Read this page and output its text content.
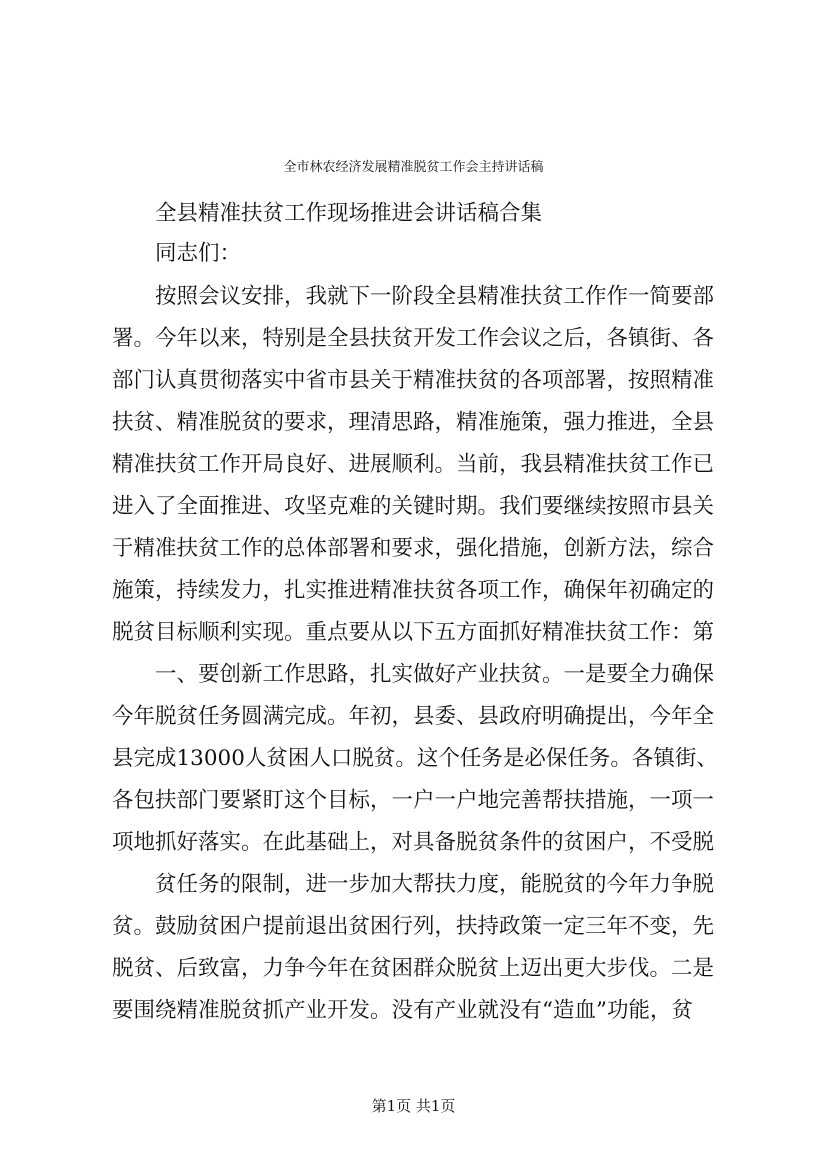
全市林农经济发展精准脱贫工作会主持讲话稿

全县精准扶贫工作现场推进会讲话稿合集

同志们：

按照会议安排，我就下一阶段全县精准扶贫工作作一简要部

署。今年以来，特别是全县扶贫开发工作会议之后，各镇街、各

部门认真贯彻落实中省市县关于精准扶贫的各项部署，按照精准

扶贫、精准脱贫的要求，理清思路，精准施策，强力推进，全县

精准扶贫工作开局良好、进展顺利。当前，我县精准扶贫工作已

进入了全面推进、攻坚克难的关键时期。我们要继续按照市县关

于精准扶贫工作的总体部署和要求，强化措施，创新方法，综合

施策，持续发力，扎实推进精准扶贫各项工作，确保年初确定的

脱贫目标顺利实现。重点要从以下五方面抓好精准扶贫工作：第

一、要创新工作思路，扎实做好产业扶贫。一是要全力确保

今年脱贫任务圆满完成。年初，县委、县政府明确提出，今年全

县完成13000人贫困人口脱贫。这个任务是必保任务。各镇街、

各包扶部门要紧盯这个目标，一户一户地完善帮扶措施，一项一

项地抓好落实。在此基础上，对具备脱贫条件的贫困户，不受脱

贫任务的限制，进一步加大帮扶力度，能脱贫的今年力争脱

贫。鼓励贫困户提前退出贫困行列，扶持政策一定三年不变，先

脱贫、后致富，力争今年在贫困群众脱贫上迈出更大步伐。二是

要围绕精准脱贫抓产业开发。没有产业就没有“造血”功能，贫

第1页 共1页
